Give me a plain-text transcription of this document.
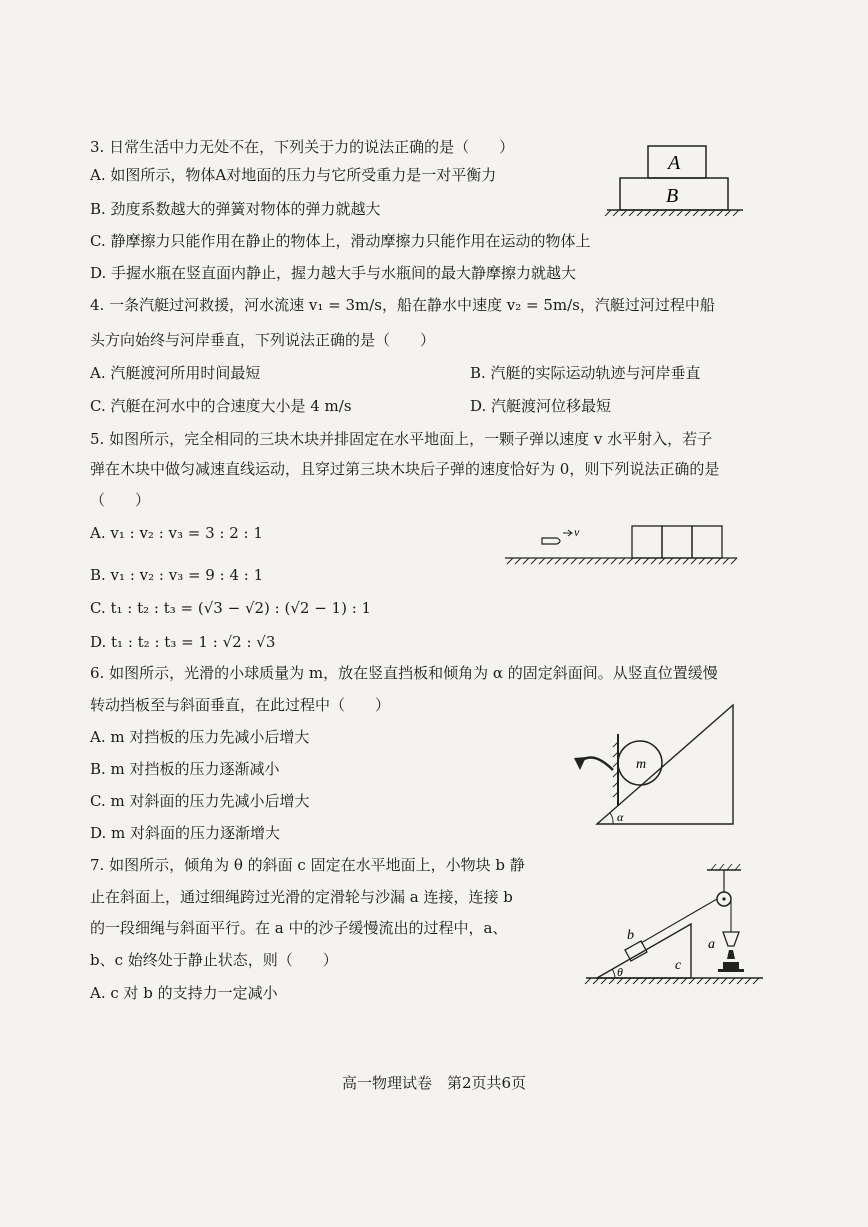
3. 日常生活中力无处不在，下列关于力的说法正确的是（　　）
A. 如图所示，物体A对地面的压力与它所受重力是一对平衡力
B. 劲度系数越大的弹簧对物体的弹力就越大
C. 静摩擦力只能作用在静止的物体上，滑动摩擦力只能作用在运动的物体上
D. 手握水瓶在竖直面内静止，握力越大手与水瓶间的最大静摩擦力就越大
A
B
4. 一条汽艇过河救援，河水流速 v₁ = 3m/s，船在静水中速度 v₂ = 5m/s，汽艇过河过程中船
头方向始终与河岸垂直，下列说法正确的是（　　）
A. 汽艇渡河所用时间最短	B. 汽艇的实际运动轨迹与河岸垂直
C. 汽艇在河水中的合速度大小是 4 m/s	D. 汽艇渡河位移最短
5. 如图所示，完全相同的三块木块并排固定在水平地面上，一颗子弹以速度 v 水平射入，若子
弹在木块中做匀减速直线运动，且穿过第三块木块后子弹的速度恰好为 0，则下列说法正确的是
（　　）
A. v₁ : v₂ : v₃ = 3 : 2 : 1
B. v₁ : v₂ : v₃ = 9 : 4 : 1
C. t₁ : t₂ : t₃ = (√3 − √2) : (√2 − 1) : 1
D. t₁ : t₂ : t₃ = 1 : √2 : √3
v
6. 如图所示，光滑的小球质量为 m，放在竖直挡板和倾角为 α 的固定斜面间。从竖直位置缓慢
转动挡板至与斜面垂直，在此过程中（　　）
A. m 对挡板的压力先减小后增大
B. m 对挡板的压力逐渐减小
C. m 对斜面的压力先减小后增大
D. m 对斜面的压力逐渐增大
m
α
7. 如图所示，倾角为 θ 的斜面 c 固定在水平地面上，小物块 b 静
止在斜面上，通过细绳跨过光滑的定滑轮与沙漏 a 连接，连接 b
的一段细绳与斜面平行。在 a 中的沙子缓慢流出的过程中，a、
b、c 始终处于静止状态，则（　　）
A. c 对 b 的支持力一定减小
b
a
c
θ
高一物理试卷　第2页共6页
